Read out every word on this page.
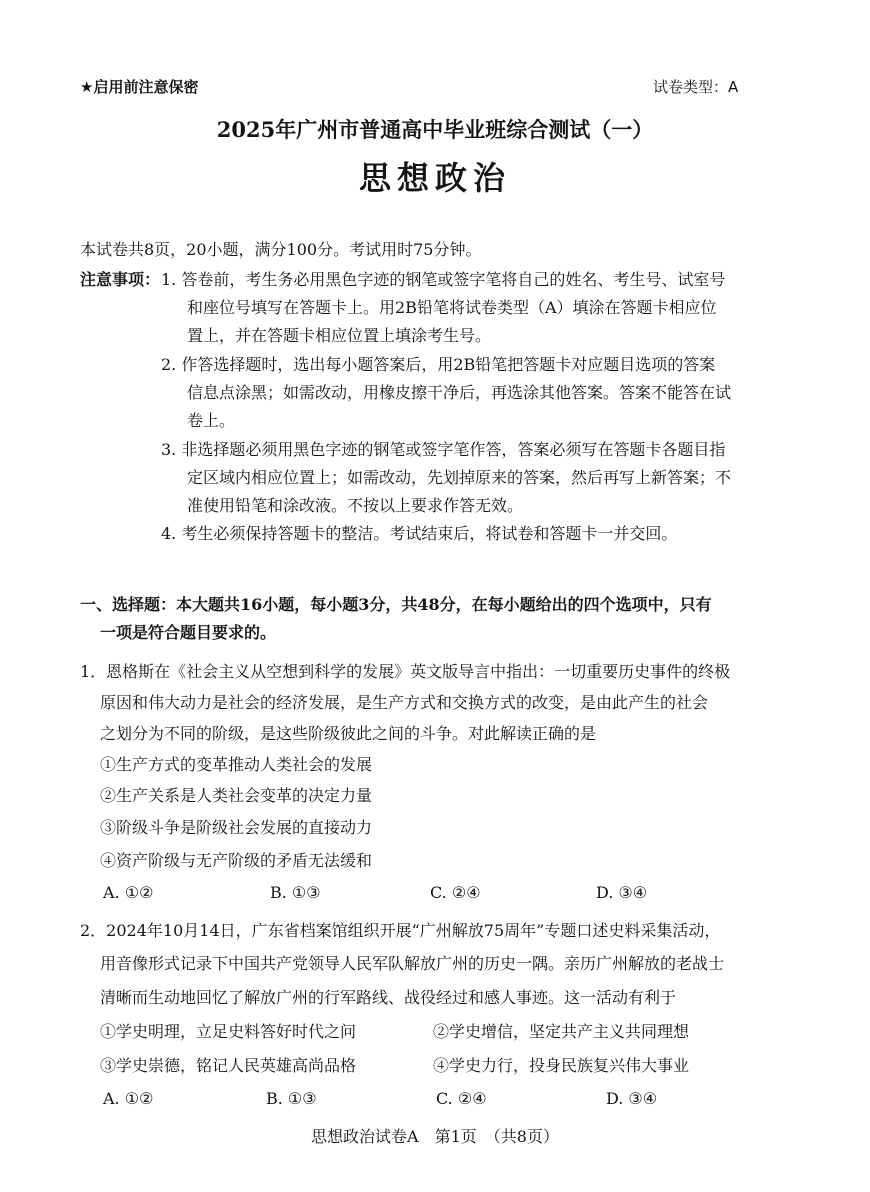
★启用前注意保密	试卷类型：A
2025年广州市普通高中毕业班综合测试（一）
思想政治
本试卷共8页，20小题，满分100分。考试用时75分钟。
注意事项： 1. 答卷前，考生务必用黑色字迹的钢笔或签字笔将自己的姓名、考生号、试室号
和座位号填写在答题卡上。用2B铅笔将试卷类型（A）填涂在答题卡相应位
置上，并在答题卡相应位置上填涂考生号。
2. 作答选择题时，选出每小题答案后，用2B铅笔把答题卡对应题目选项的答案
信息点涂黑；如需改动，用橡皮擦干净后，再选涂其他答案。答案不能答在试
卷上。
3. 非选择题必须用黑色字迹的钢笔或签字笔作答，答案必须写在答题卡各题目指
定区域内相应位置上；如需改动，先划掉原来的答案，然后再写上新答案；不
准使用铅笔和涂改液。不按以上要求作答无效。
4. 考生必须保持答题卡的整洁。考试结束后，将试卷和答题卡一并交回。
一、选择题：本大题共16小题，每小题3分，共48分，在每小题给出的四个选项中，只有
一项是符合题目要求的。
1．恩格斯在《社会主义从空想到科学的发展》英文版导言中指出：一切重要历史事件的终极
原因和伟大动力是社会的经济发展，是生产方式和交换方式的改变，是由此产生的社会
之划分为不同的阶级，是这些阶级彼此之间的斗争。对此解读正确的是
①生产方式的变革推动人类社会的发展
②生产关系是人类社会变革的决定力量
③阶级斗争是阶级社会发展的直接动力
④资产阶级与无产阶级的矛盾无法缓和
A. ①②	B. ①③	C. ②④	D. ③④
2．2024年10月14日，广东省档案馆组织开展“广州解放75周年”专题口述史料采集活动，
用音像形式记录下中国共产党领导人民军队解放广州的历史一隅。亲历广州解放的老战士
清晰而生动地回忆了解放广州的行军路线、战役经过和感人事迹。这一活动有利于
①学史明理，立足史料答好时代之问	②学史增信，坚定共产主义共同理想
③学史崇德，铭记人民英雄高尚品格	④学史力行，投身民族复兴伟大事业
A. ①②	B. ①③	C. ②④	D. ③④
思想政治试卷A　第1页　（共8页）
